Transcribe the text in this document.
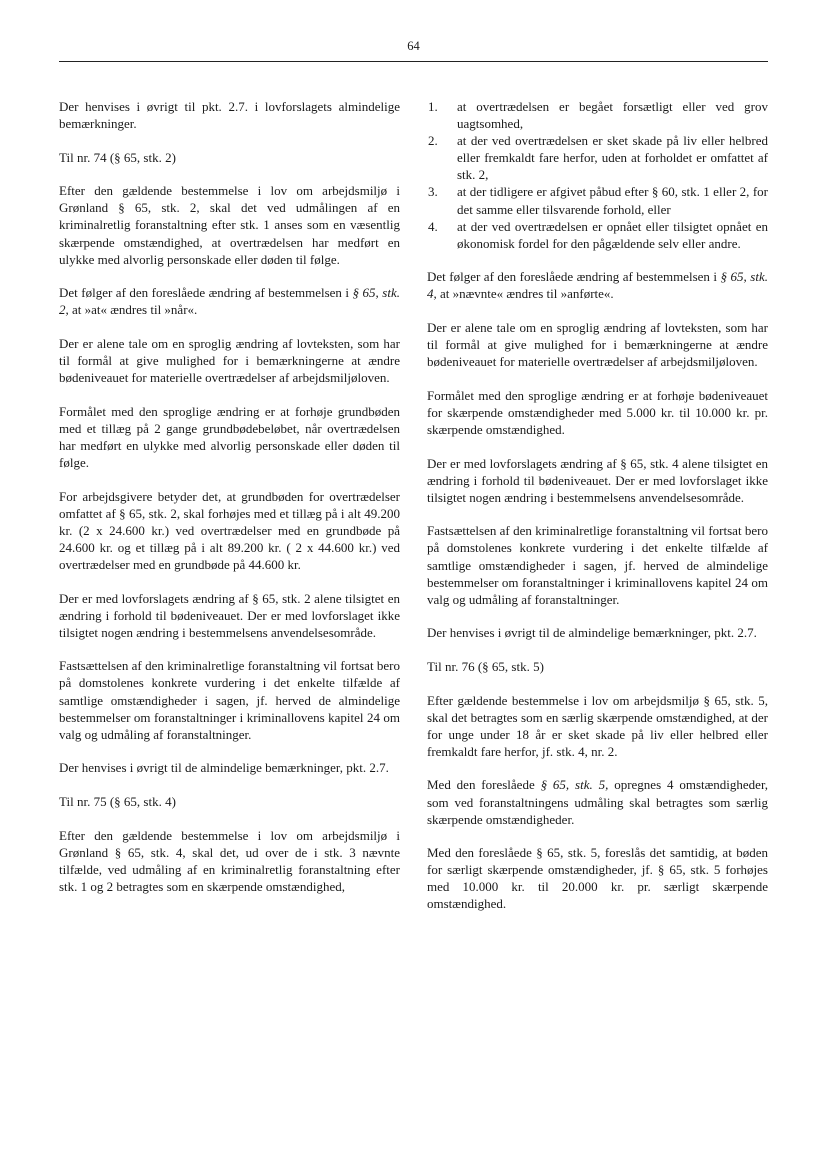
64

Der henvises i øvrigt til pkt. 2.7. i lovforslagets almindelige bemærkninger.

Til nr. 74 (§ 65, stk. 2)

Efter den gældende bestemmelse i lov om arbejdsmiljø i Grønland § 65, stk. 2, skal det ved udmålingen af en kriminalretlig foranstaltning efter stk. 1 anses som en væsentlig skærpende omstændighed, at overtrædelsen har medført en ulykke med alvorlig personskade eller døden til følge.

Det følger af den foreslåede ændring af bestemmelsen i § 65, stk. 2, at »at« ændres til »når«.

Der er alene tale om en sproglig ændring af lovteksten, som har til formål at give mulighed for i bemærkningerne at ændre bødeniveauet for materielle overtrædelser af arbejdsmiljøloven.

Formålet med den sproglige ændring er at forhøje grundbøden med et tillæg på 2 gange grundbødebeløbet, når overtrædelsen har medført en ulykke med alvorlig personskade eller døden til følge.

For arbejdsgivere betyder det, at grundbøden for overtrædelser omfattet af § 65, stk. 2, skal forhøjes med et tillæg på i alt 49.200 kr. (2 x 24.600 kr.) ved overtrædelser med en grundbøde på 24.600 kr. og et tillæg på i alt 89.200 kr. ( 2 x 44.600 kr.) ved overtrædelser med en grundbøde på 44.600 kr.

Der er med lovforslagets ændring af § 65, stk. 2 alene tilsigtet en ændring i forhold til bødeniveauet. Der er med lovforslaget ikke tilsigtet nogen ændring i bestemmelsens anvendelsesområde.

Fastsættelsen af den kriminalretlige foranstaltning vil fortsat bero på domstolenes konkrete vurdering i det enkelte tilfælde af samtlige omstændigheder i sagen, jf. herved de almindelige bestemmelser om foranstaltninger i kriminallovens kapitel 24 om valg og udmåling af foranstaltninger.

Der henvises i øvrigt til de almindelige bemærkninger, pkt. 2.7.

Til nr. 75 (§ 65, stk. 4)

Efter den gældende bestemmelse i lov om arbejdsmiljø i Grønland § 65, stk. 4, skal det, ud over de i stk. 3 nævnte tilfælde, ved udmåling af en kriminalretlig foranstaltning efter stk. 1 og 2 betragtes som en skærpende omstændighed,

1. at overtrædelsen er begået forsætligt eller ved grov uagtsomhed,
2. at der ved overtrædelsen er sket skade på liv eller helbred eller fremkaldt fare herfor, uden at forholdet er omfattet af stk. 2,
3. at der tidligere er afgivet påbud efter § 60, stk. 1 eller 2, for det samme eller tilsvarende forhold, eller
4. at der ved overtrædelsen er opnået eller tilsigtet opnået en økonomisk fordel for den pågældende selv eller andre.

Det følger af den foreslåede ændring af bestemmelsen i § 65, stk. 4, at »nævnte« ændres til »anførte«.

Der er alene tale om en sproglig ændring af lovteksten, som har til formål at give mulighed for i bemærkningerne at ændre bødeniveauet for materielle overtrædelser af arbejdsmiljøloven.

Formålet med den sproglige ændring er at forhøje bødeniveauet for skærpende omstændigheder med 5.000 kr. til 10.000 kr. pr. skærpende omstændighed.

Der er med lovforslagets ændring af § 65, stk. 4 alene tilsigtet en ændring i forhold til bødeniveauet. Der er med lovforslaget ikke tilsigtet nogen ændring i bestemmelsens anvendelsesområde.

Fastsættelsen af den kriminalretlige foranstaltning vil fortsat bero på domstolenes konkrete vurdering i det enkelte tilfælde af samtlige omstændigheder i sagen, jf. herved de almindelige bestemmelser om foranstaltninger i kriminallovens kapitel 24 om valg og udmåling af foranstaltninger.

Der henvises i øvrigt til de almindelige bemærkninger, pkt. 2.7.

Til nr. 76 (§ 65, stk. 5)

Efter gældende bestemmelse i lov om arbejdsmiljø § 65, stk. 5, skal det betragtes som en særlig skærpende omstændighed, at der for unge under 18 år er sket skade på liv eller helbred eller fremkaldt fare herfor, jf. stk. 4, nr. 2.

Med den foreslåede § 65, stk. 5, opregnes 4 omstændigheder, som ved foranstaltningens udmåling skal betragtes som særlig skærpende omstændigheder.

Med den foreslåede § 65, stk. 5, foreslås det samtidig, at bøden for særligt skærpende omstændigheder, jf. § 65, stk. 5 forhøjes med 10.000 kr. til 20.000 kr. pr. særligt skærpende omstændighed.
